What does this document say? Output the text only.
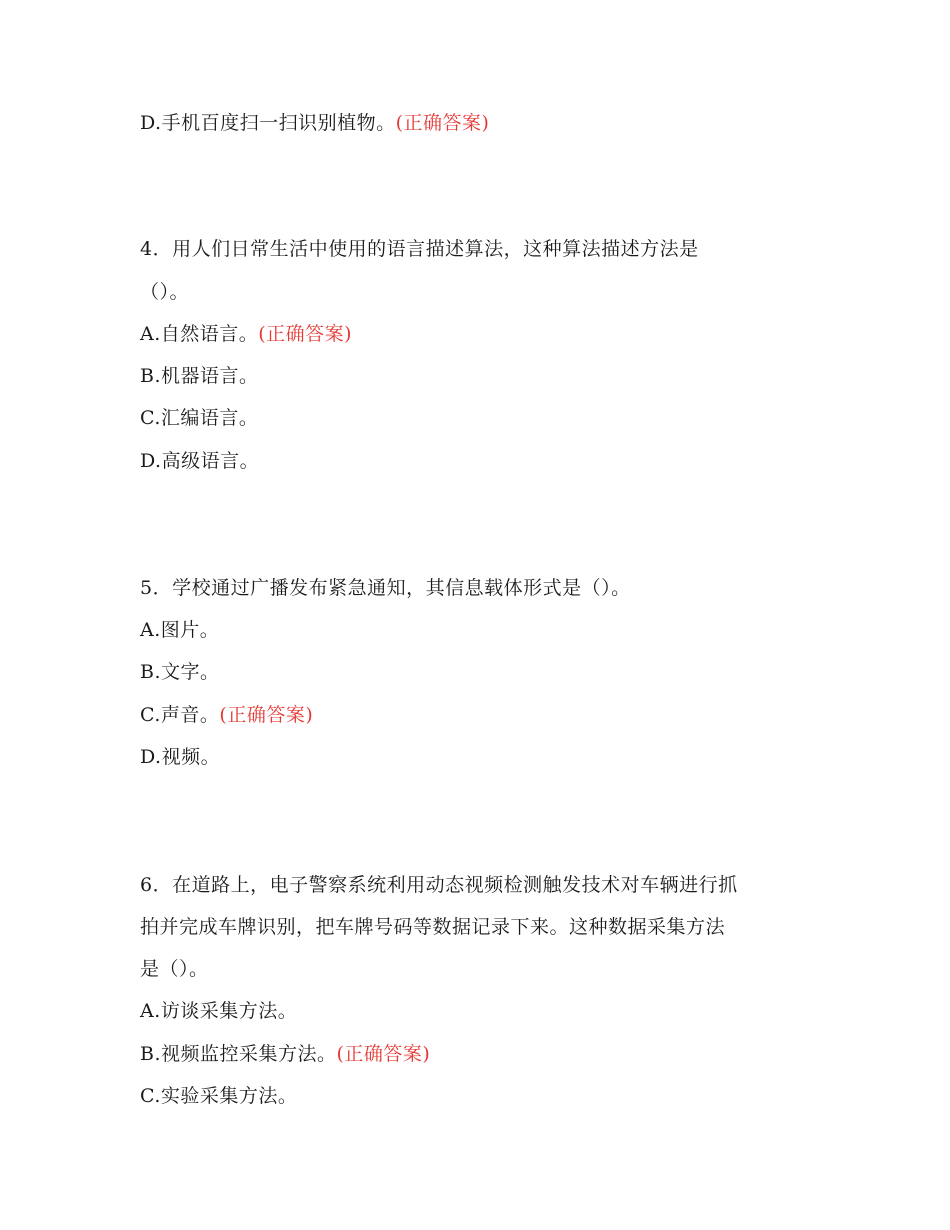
D.手机百度扫一扫识别植物。(正确答案)
4．用人们日常生活中使用的语言描述算法，这种算法描述方法是
（）。
A.自然语言。(正确答案)
B.机器语言。
C.汇编语言。
D.高级语言。
5．学校通过广播发布紧急通知，其信息载体形式是（）。
A.图片。
B.文字。
C.声音。(正确答案)
D.视频。
6．在道路上，电子警察系统利用动态视频检测触发技术对车辆进行抓
拍并完成车牌识别，把车牌号码等数据记录下来。这种数据采集方法
是（）。
A.访谈采集方法。
B.视频监控采集方法。(正确答案)
C.实验采集方法。
